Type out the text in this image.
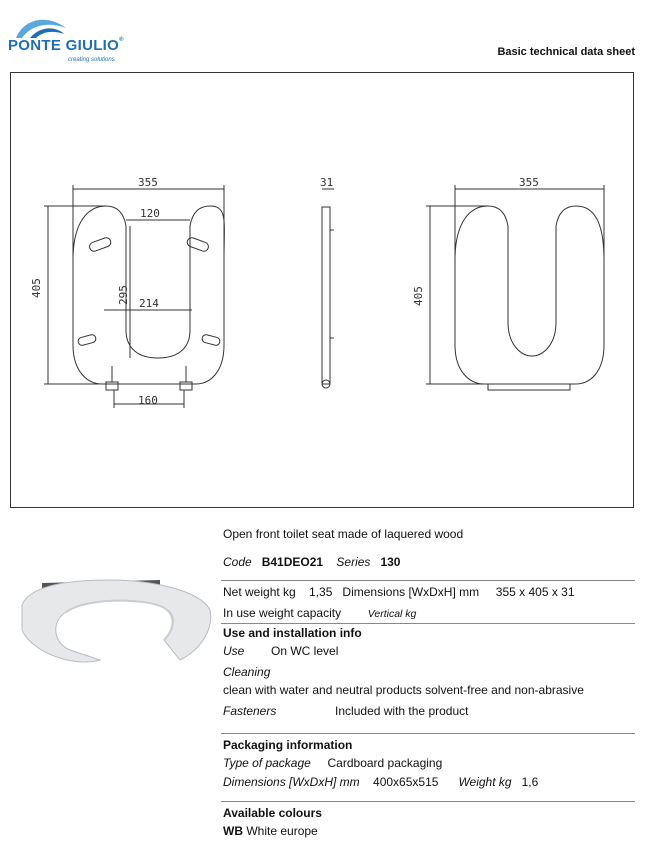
PONTE GIULIO®
creating solutions
Basic technical data sheet
355
405
120
295 214
160
31	355
405
Open front toilet seat made of laquered wood
Code B41DEO21 Series 130
Net weight kg 1,35 Dimensions [WxDxH] mm 355 x 405 x 31
In use weight capacity	Vertical kg
Use and installation info
Use On WC level
Cleaning
clean with water and neutral products solvent-free and non-abrasive
Fasteners	Included with the product
Packaging information
Type of package Cardboard packaging
Dimensions [WxDxH] mm 400x65x515 Weight kg 1,6
Available colours
WB White europe
